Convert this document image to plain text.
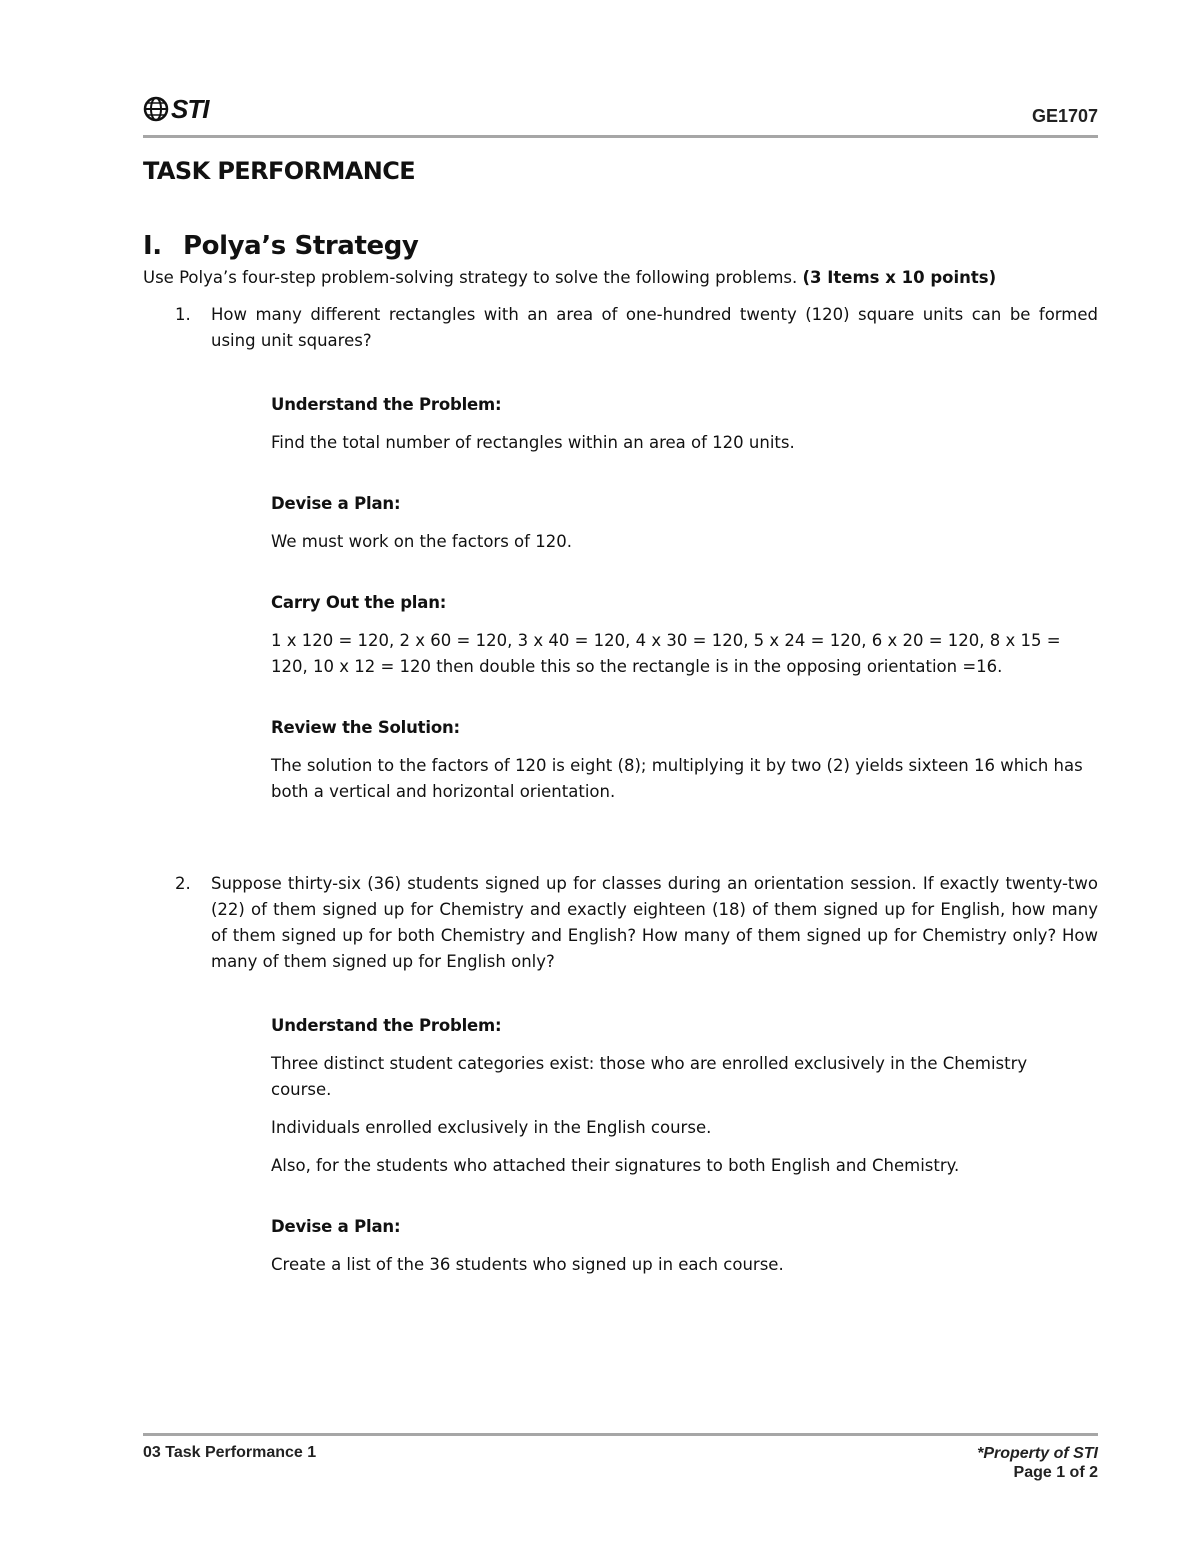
STI	GE1707
TASK PERFORMANCE
I. Polya’s Strategy
Use Polya’s four-step problem-solving strategy to solve the following problems. (3 Items x 10 points)
1.	How many different rectangles with an area of one-hundred twenty (120) square units can be formed using unit squares?
Understand the Problem:

Find the total number of rectangles within an area of 120 units.

Devise a Plan:

We must work on the factors of 120.

Carry Out the plan:

1 x 120 = 120, 2 x 60 = 120, 3 x 40 = 120, 4 x 30 = 120, 5 x 24 = 120, 6 x 20 = 120, 8 x 15 = 120, 10 x 12 = 120 then double this so the rectangle is in the opposing orientation =16.

Review the Solution:

The solution to the factors of 120 is eight (8); multiplying it by two (2) yields sixteen 16 which has both a vertical and horizontal orientation.

2.	Suppose thirty-six (36) students signed up for classes during an orientation session. If exactly twenty-two (22) of them signed up for Chemistry and exactly eighteen (18) of them signed up for English, how many of them signed up for both Chemistry and English? How many of them signed up for Chemistry only? How many of them signed up for English only?
Understand the Problem:

Three distinct student categories exist: those who are enrolled exclusively in the Chemistry course.

Individuals enrolled exclusively in the English course.

Also, for the students who attached their signatures to both English and Chemistry.

Devise a Plan:

Create a list of the 36 students who signed up in each course.

03 Task Performance 1	*Property of STI
Page 1 of 2
